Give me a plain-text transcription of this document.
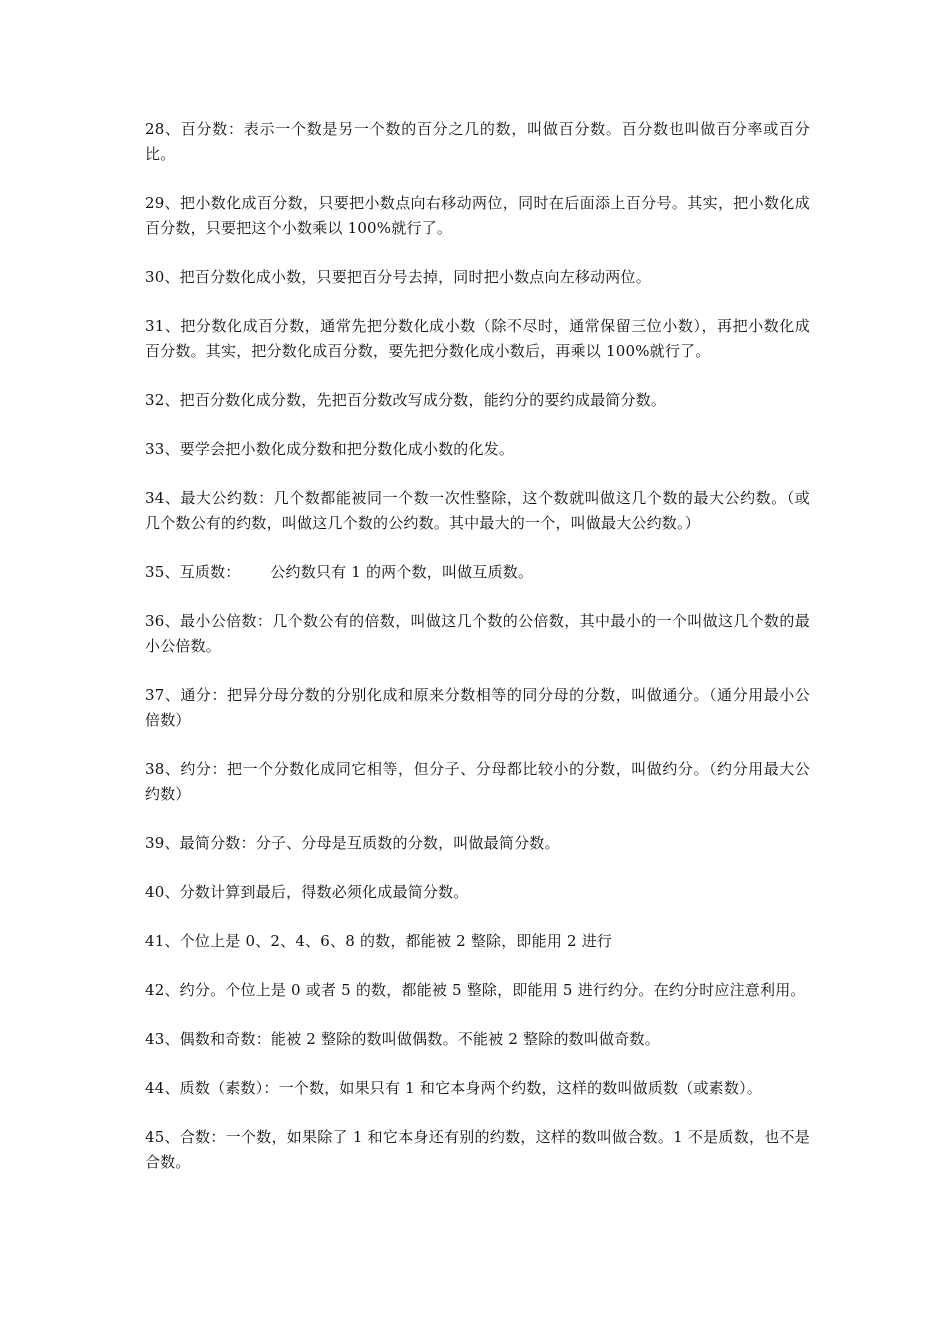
28、百分数：表示一个数是另一个数的百分之几的数，叫做百分数。百分数也叫做百分率或百分比。

29、把小数化成百分数，只要把小数点向右移动两位，同时在后面添上百分号。其实，把小数化成百分数，只要把这个小数乘以 100%就行了。

30、把百分数化成小数，只要把百分号去掉，同时把小数点向左移动两位。

31、把分数化成百分数，通常先把分数化成小数（除不尽时，通常保留三位小数），再把小数化成百分数。其实，把分数化成百分数，要先把分数化成小数后，再乘以 100%就行了。

32、把百分数化成分数，先把百分数改写成分数，能约分的要约成最简分数。

33、要学会把小数化成分数和把分数化成小数的化发。

34、最大公约数：几个数都能被同一个数一次性整除，这个数就叫做这几个数的最大公约数。（或几个数公有的约数，叫做这几个数的公约数。其中最大的一个，叫做最大公约数。）

35、互质数：      公约数只有 1 的两个数，叫做互质数。

36、最小公倍数：几个数公有的倍数，叫做这几个数的公倍数，其中最小的一个叫做这几个数的最小公倍数。

37、通分：把异分母分数的分别化成和原来分数相等的同分母的分数，叫做通分。（通分用最小公倍数）

38、约分：把一个分数化成同它相等，但分子、分母都比较小的分数，叫做约分。（约分用最大公约数）

39、最简分数：分子、分母是互质数的分数，叫做最简分数。

40、分数计算到最后，得数必须化成最简分数。

41、个位上是 0、2、4、6、8 的数，都能被 2 整除，即能用 2 进行

42、约分。个位上是 0 或者 5 的数，都能被 5 整除，即能用 5 进行约分。在约分时应注意利用。

43、偶数和奇数：能被 2 整除的数叫做偶数。不能被 2 整除的数叫做奇数。

44、质数（素数）：一个数，如果只有 1 和它本身两个约数，这样的数叫做质数（或素数）。

45、合数：一个数，如果除了 1 和它本身还有别的约数，这样的数叫做合数。1 不是质数，也不是合数。
